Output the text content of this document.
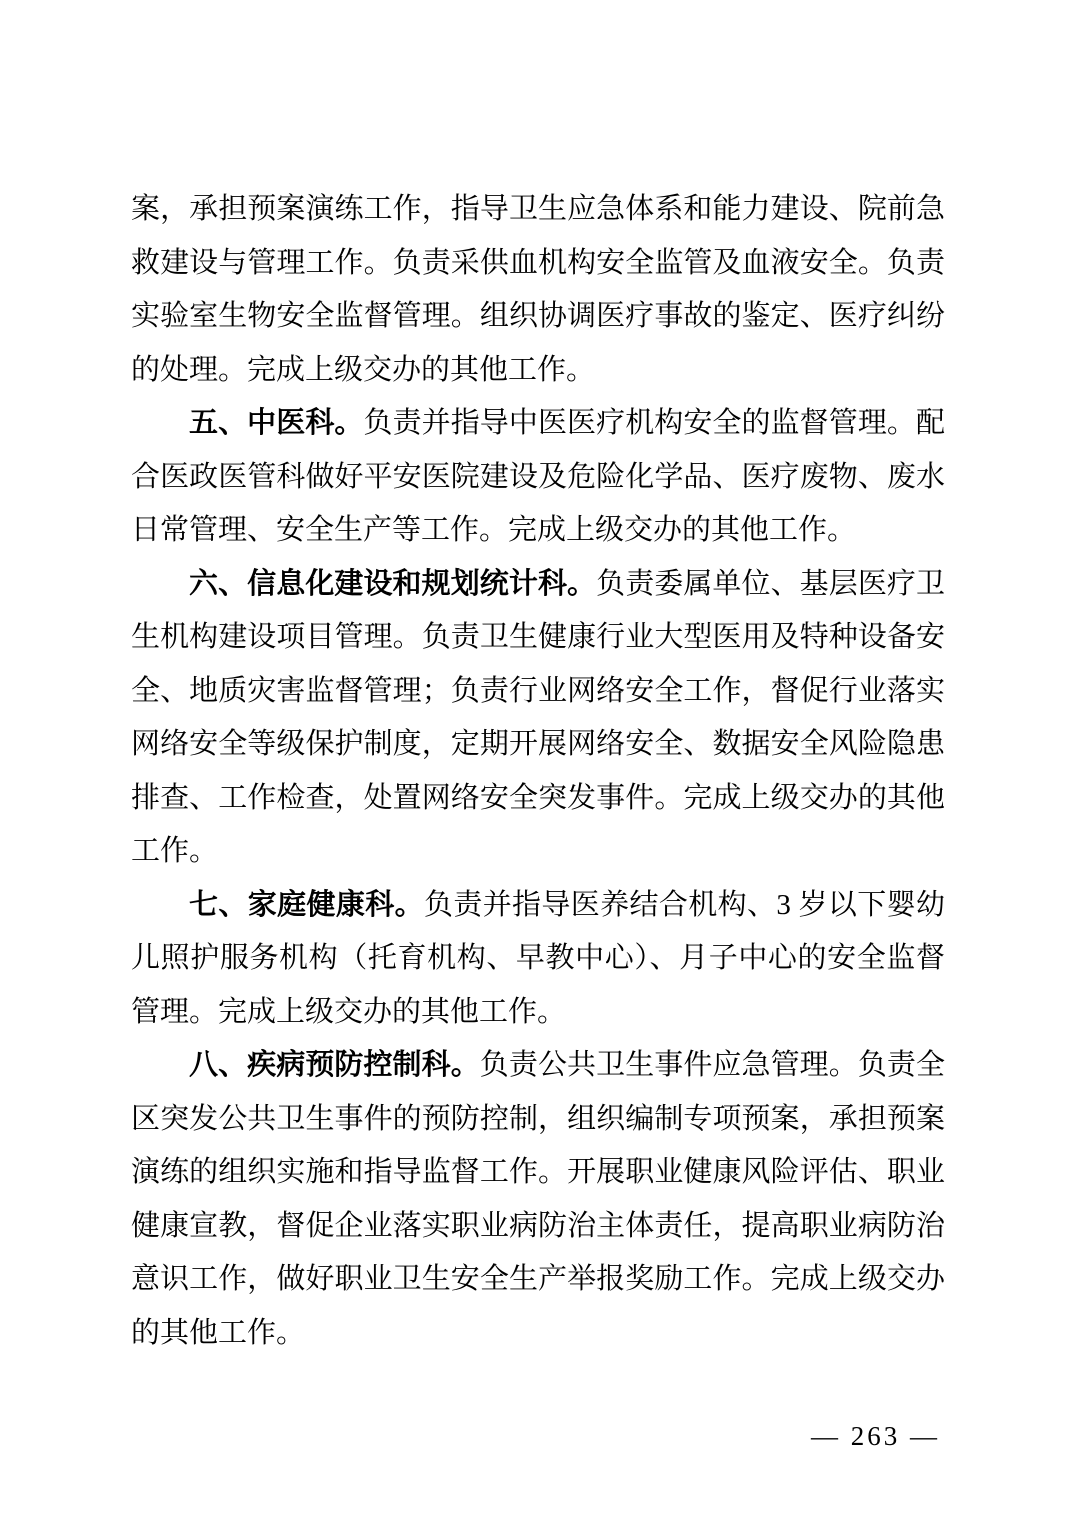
案，承担预案演练工作，指导卫生应急体系和能力建设、院前急救建设与管理工作。负责采供血机构安全监管及血液安全。负责实验室生物安全监督管理。组织协调医疗事故的鉴定、医疗纠纷的处理。完成上级交办的其他工作。

五、中医科。负责并指导中医医疗机构安全的监督管理。配合医政医管科做好平安医院建设及危险化学品、医疗废物、废水日常管理、安全生产等工作。完成上级交办的其他工作。

六、信息化建设和规划统计科。负责委属单位、基层医疗卫生机构建设项目管理。负责卫生健康行业大型医用及特种设备安全、地质灾害监督管理；负责行业网络安全工作，督促行业落实网络安全等级保护制度，定期开展网络安全、数据安全风险隐患排查、工作检查，处置网络安全突发事件。完成上级交办的其他工作。

七、家庭健康科。负责并指导医养结合机构、3 岁以下婴幼儿照护服务机构（托育机构、早教中心）、月子中心的安全监督管理。完成上级交办的其他工作。

八、疾病预防控制科。负责公共卫生事件应急管理。负责全区突发公共卫生事件的预防控制，组织编制专项预案，承担预案演练的组织实施和指导监督工作。开展职业健康风险评估、职业健康宣教，督促企业落实职业病防治主体责任，提高职业病防治意识工作，做好职业卫生安全生产举报奖励工作。完成上级交办的其他工作。

— 263 —
